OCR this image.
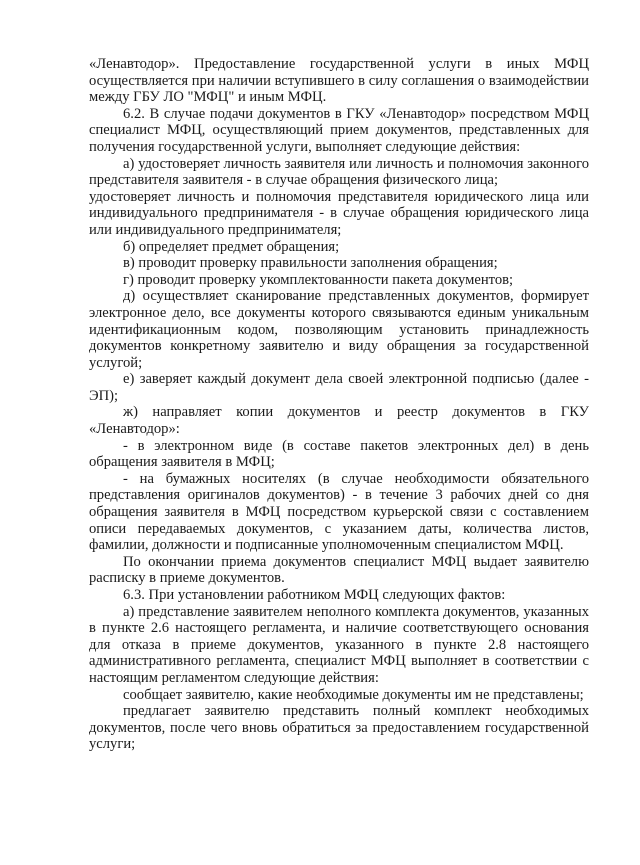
«Ленавтодор». Предоставление государственной услуги в иных МФЦ осуществляется при наличии вступившего в силу соглашения о взаимодействии между ГБУ ЛО "МФЦ" и иным МФЦ.

6.2. В случае подачи документов в ГКУ «Ленавтодор» посредством МФЦ специалист МФЦ, осуществляющий прием документов, представленных для получения государственной услуги, выполняет следующие действия:

а) удостоверяет личность заявителя или личность и полномочия законного представителя заявителя - в случае обращения физического лица;

удостоверяет личность и полномочия представителя юридического лица или индивидуального предпринимателя - в случае обращения юридического лица или индивидуального предпринимателя;

б) определяет предмет обращения;

в) проводит проверку правильности заполнения обращения;

г) проводит проверку укомплектованности пакета документов;

д) осуществляет сканирование представленных документов, формирует электронное дело, все документы которого связываются единым уникальным идентификационным кодом, позволяющим установить принадлежность документов конкретному заявителю и виду обращения за государственной услугой;

е) заверяет каждый документ дела своей электронной подписью (далее - ЭП);

ж) направляет копии документов и реестр документов в ГКУ «Ленавтодор»:

- в электронном виде (в составе пакетов электронных дел) в день обращения заявителя в МФЦ;

- на бумажных носителях (в случае необходимости обязательного представления оригиналов документов) - в течение 3 рабочих дней со дня обращения заявителя в МФЦ посредством курьерской связи с составлением описи передаваемых документов, с указанием даты, количества листов, фамилии, должности и подписанные уполномоченным специалистом МФЦ.

По окончании приема документов специалист МФЦ выдает заявителю расписку в приеме документов.

6.3. При установлении работником МФЦ следующих фактов:

а) представление заявителем неполного комплекта документов, указанных в пункте 2.6 настоящего регламента, и наличие соответствующего основания для отказа в приеме документов, указанного в пункте 2.8 настоящего административного регламента, специалист МФЦ выполняет в соответствии с настоящим регламентом следующие действия:

сообщает заявителю, какие необходимые документы им не представлены;

предлагает заявителю представить полный комплект необходимых документов, после чего вновь обратиться за предоставлением государственной услуги;
